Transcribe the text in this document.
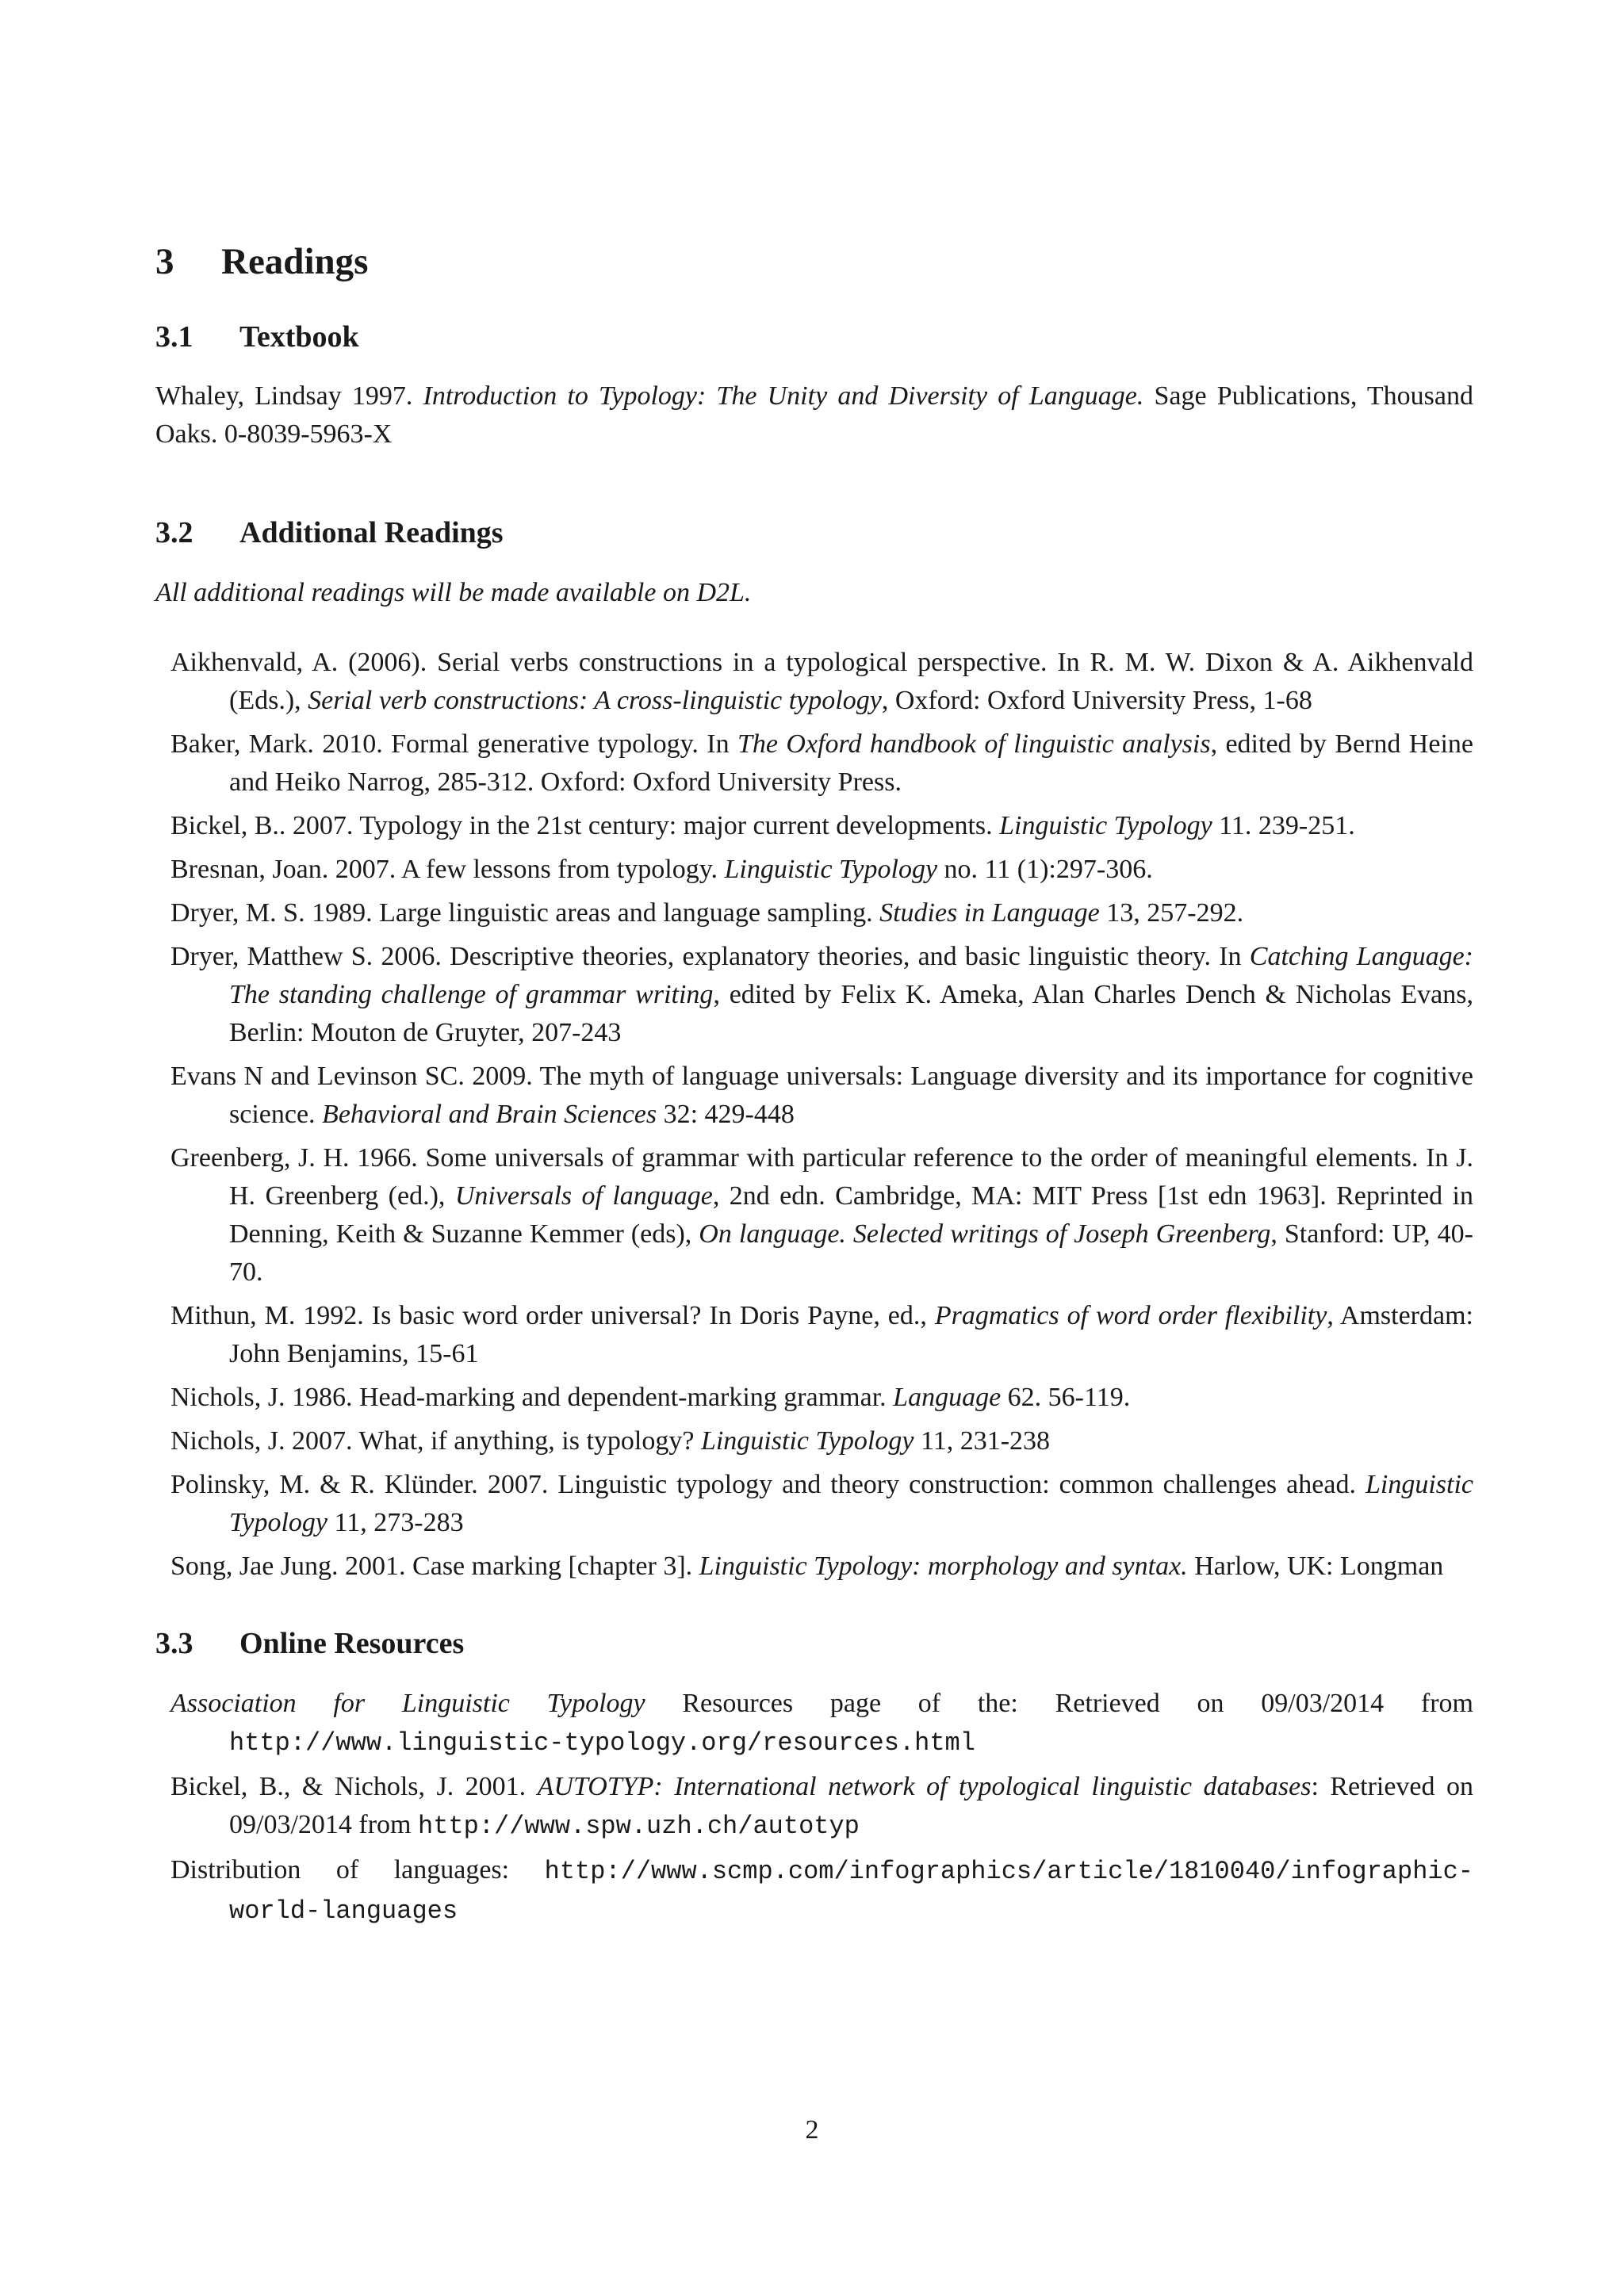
3 Readings
3.1 Textbook

Whaley, Lindsay 1997. Introduction to Typology: The Unity and Diversity of Language. Sage Publications, Thousand Oaks. 0-8039-5963-X

3.2 Additional Readings

All additional readings will be made available on D2L.

Aikhenvald, A. (2006). Serial verbs constructions in a typological perspective. In R. M. W. Dixon & A. Aikhenvald (Eds.), Serial verb constructions: A cross-linguistic typology, Oxford: Oxford University Press, 1-68
Baker, Mark. 2010. Formal generative typology. In The Oxford handbook of linguistic analysis, edited by Bernd Heine and Heiko Narrog, 285-312. Oxford: Oxford University Press.
Bickel, B.. 2007. Typology in the 21st century: major current developments. Linguistic Typology 11. 239-251.
Bresnan, Joan. 2007. A few lessons from typology. Linguistic Typology no. 11 (1):297-306.
Dryer, M. S. 1989. Large linguistic areas and language sampling. Studies in Language 13, 257-292.
Dryer, Matthew S. 2006. Descriptive theories, explanatory theories, and basic linguistic theory. In Catching Language: The standing challenge of grammar writing, edited by Felix K. Ameka, Alan Charles Dench & Nicholas Evans, Berlin: Mouton de Gruyter, 207-243
Evans N and Levinson SC. 2009. The myth of language universals: Language diversity and its importance for cognitive science. Behavioral and Brain Sciences 32: 429-448
Greenberg, J. H. 1966. Some universals of grammar with particular reference to the order of meaningful elements. In J. H. Greenberg (ed.), Universals of language, 2nd edn. Cambridge, MA: MIT Press [1st edn 1963]. Reprinted in Denning, Keith & Suzanne Kemmer (eds), On language. Selected writings of Joseph Greenberg, Stanford: UP, 40-70.
Mithun, M. 1992. Is basic word order universal? In Doris Payne, ed., Pragmatics of word order flexibility, Amsterdam: John Benjamins, 15-61
Nichols, J. 1986. Head-marking and dependent-marking grammar. Language 62. 56-119.
Nichols, J. 2007. What, if anything, is typology? Linguistic Typology 11, 231-238
Polinsky, M. & R. Klünder. 2007. Linguistic typology and theory construction: common challenges ahead. Linguistic Typology 11, 273-283
Song, Jae Jung. 2001. Case marking [chapter 3]. Linguistic Typology: morphology and syntax. Harlow, UK: Longman
3.3 Online Resources
Association for Linguistic Typology Resources page of the: Retrieved on 09/03/2014 from http://www.linguistic-typology.org/resources.html
Bickel, B., & Nichols, J. 2001. AUTOTYP: International network of typological linguistic databases: Retrieved on 09/03/2014 from http://www.spw.uzh.ch/autotyp
Distribution of languages: http://www.scmp.com/infographics/article/1810040/infographic-world-languages
2
